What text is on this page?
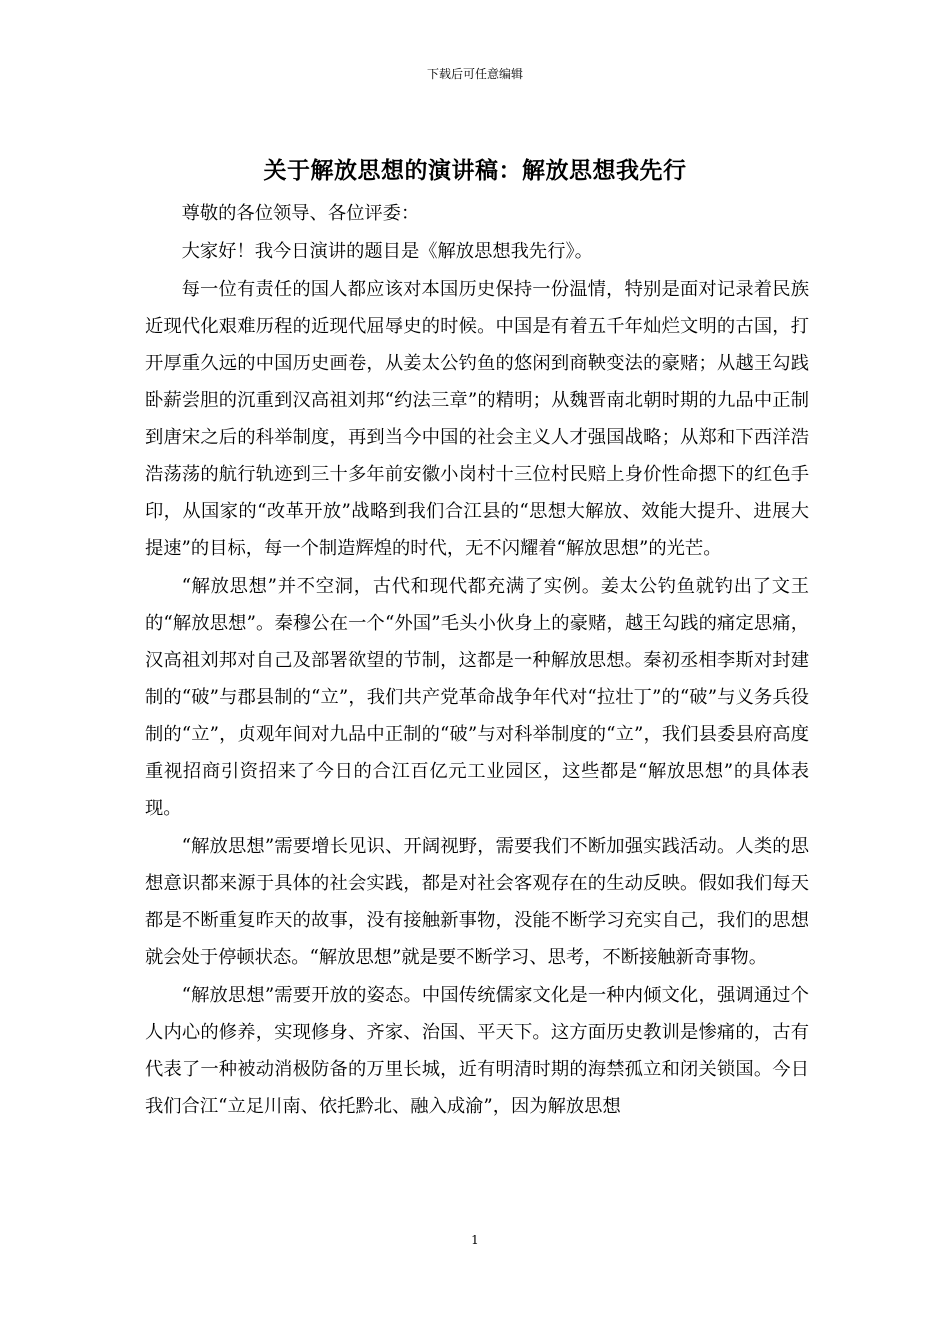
下载后可任意编辑
关于解放思想的演讲稿：解放思想我先行

尊敬的各位领导、各位评委：

大家好！我今日演讲的题目是《解放思想我先行》。

每一位有责任的国人都应该对本国历史保持一份温情，特别是面对记录着民族近现代化艰难历程的近现代屈辱史的时候。中国是有着五千年灿烂文明的古国，打开厚重久远的中国历史画卷，从姜太公钓鱼的悠闲到商鞅变法的豪赌；从越王勾践卧薪尝胆的沉重到汉高祖刘邦“约法三章”的精明；从魏晋南北朝时期的九品中正制到唐宋之后的科举制度，再到当今中国的社会主义人才强国战略；从郑和下西洋浩浩荡荡的航行轨迹到三十多年前安徽小岗村十三位村民赔上身价性命摁下的红色手印，从国家的“改革开放”战略到我们合江县的“思想大解放、效能大提升、进展大提速”的目标，每一个制造辉煌的时代，无不闪耀着“解放思想”的光芒。

“解放思想”并不空洞，古代和现代都充满了实例。姜太公钓鱼就钓出了文王的“解放思想”。秦穆公在一个“外国”毛头小伙身上的豪赌，越王勾践的痛定思痛，汉高祖刘邦对自己及部署欲望的节制，这都是一种解放思想。秦初丞相李斯对封建制的“破”与郡县制的“立”，我们共产党革命战争年代对“拉壮丁”的“破”与义务兵役制的“立”，贞观年间对九品中正制的“破”与对科举制度的“立”，我们县委县府高度重视招商引资招来了今日的合江百亿元工业园区，这些都是“解放思想”的具体表现。

“解放思想”需要增长见识、开阔视野，需要我们不断加强实践活动。人类的思想意识都来源于具体的社会实践，都是对社会客观存在的生动反映。假如我们每天都是不断重复昨天的故事，没有接触新事物，没能不断学习充实自己，我们的思想就会处于停顿状态。“解放思想”就是要不断学习、思考，不断接触新奇事物。

“解放思想”需要开放的姿态。中国传统儒家文化是一种内倾文化，强调通过个人内心的修养，实现修身、齐家、治国、平天下。这方面历史教训是惨痛的，古有代表了一种被动消极防备的万里长城，近有明清时期的海禁孤立和闭关锁国。今日我们合江“立足川南、依托黔北、融入成渝”，因为解放思想

1
